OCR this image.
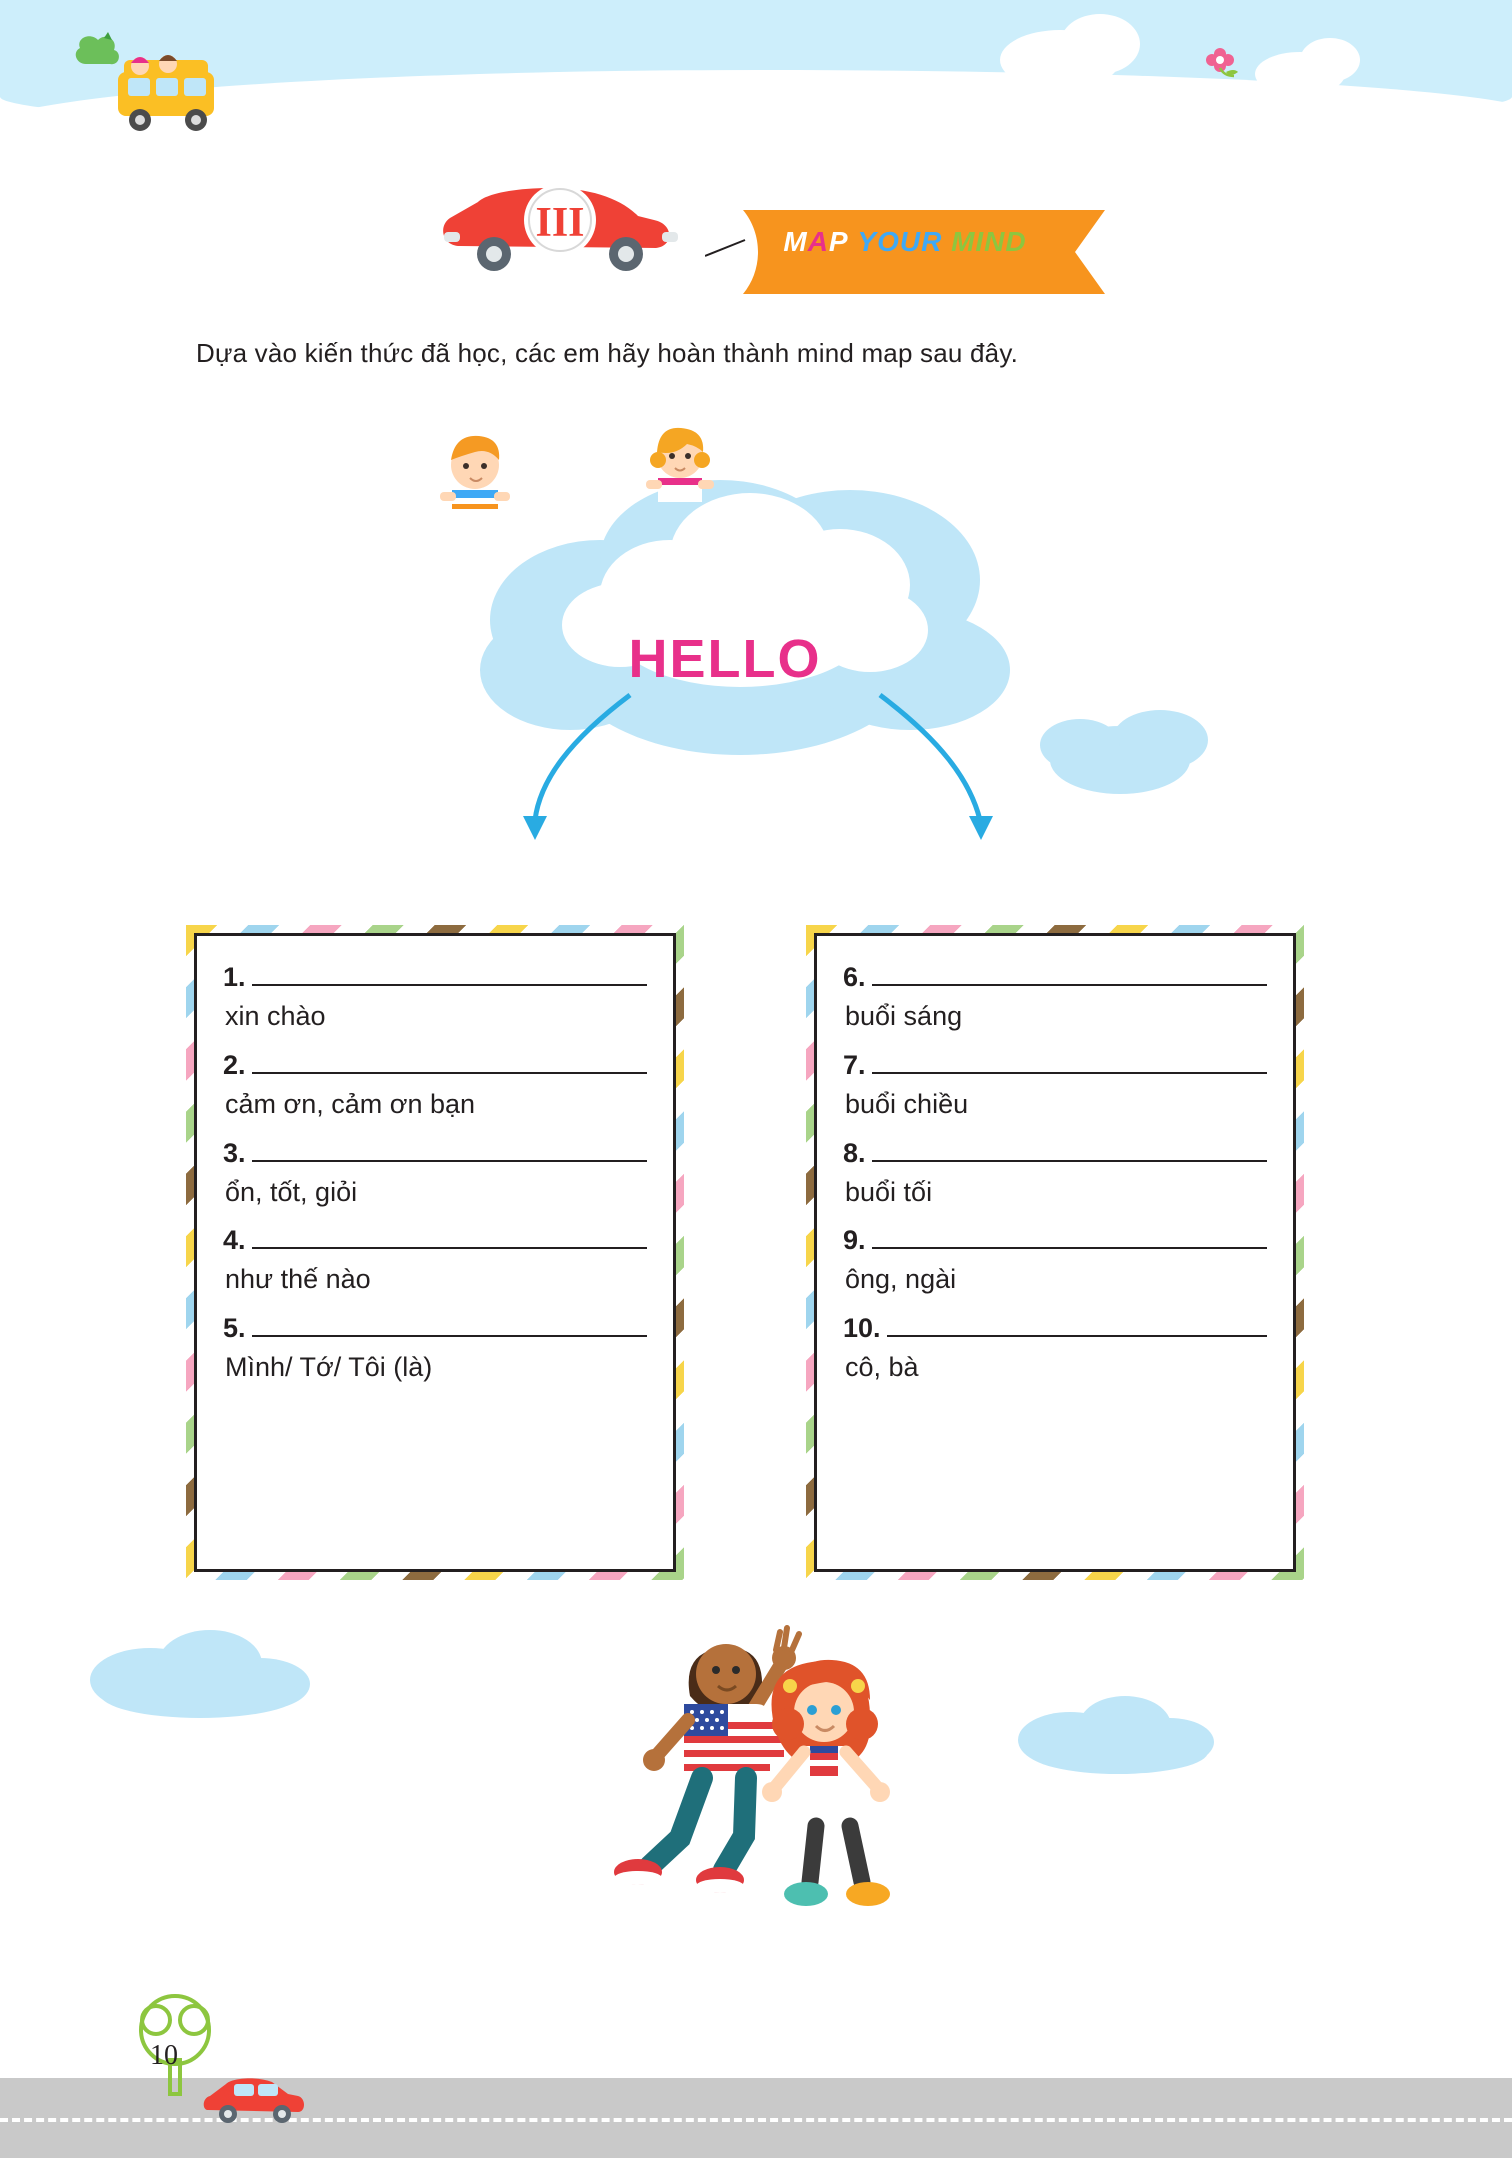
III	MAP YOUR MIND
Dựa vào kiến thức đã học, các em hãy hoàn thành mind map sau đây.
HELLO
1.
xin chào
2.
cảm ơn, cảm ơn bạn
3.
ổn, tốt, giỏi
4.
như thế nào
5.
Mình/ Tớ/ Tôi (là)
6.
buổi sáng
7.
buổi chiều
8.
buổi tối
9.
ông, ngài
10.
cô, bà
10
